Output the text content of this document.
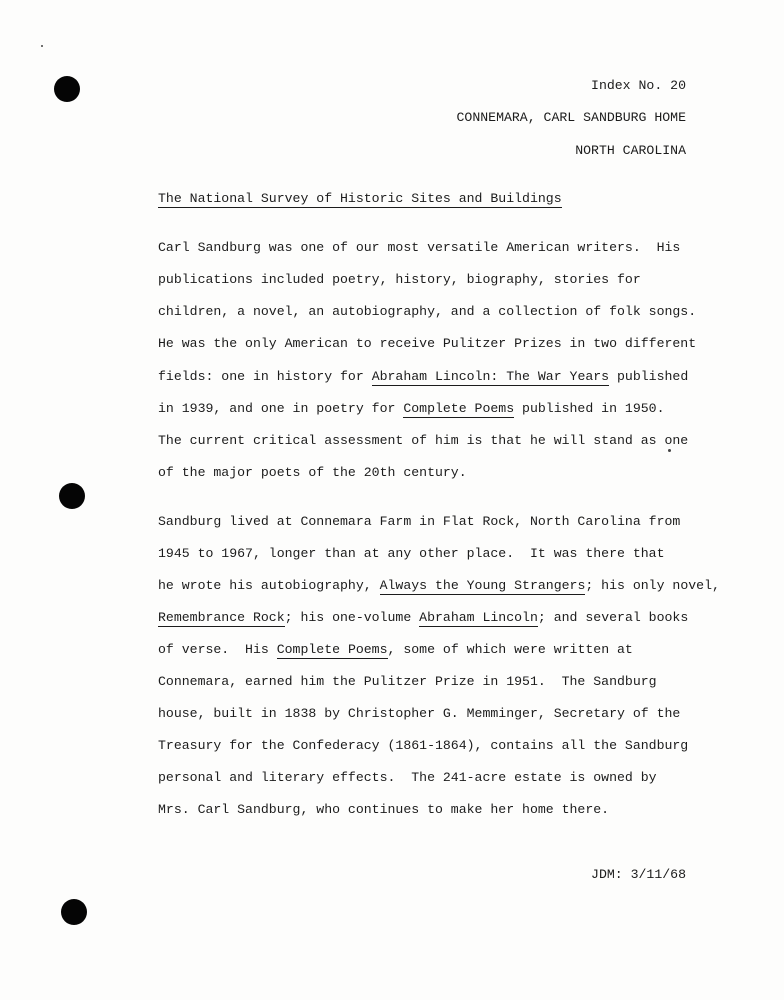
Index No. 20
CONNEMARA, CARL SANDBURG HOME
NORTH CAROLINA
The National Survey of Historic Sites and Buildings
Carl Sandburg was one of our most versatile American writers.  His
publications included poetry, history, biography, stories for
children, a novel, an autobiography, and a collection of folk songs.
He was the only American to receive Pulitzer Prizes in two different
fields: one in history for Abraham Lincoln: The War Years published
in 1939, and one in poetry for Complete Poems published in 1950.
The current critical assessment of him is that he will stand as one
of the major poets of the 20th century.
Sandburg lived at Connemara Farm in Flat Rock, North Carolina from
1945 to 1967, longer than at any other place.  It was there that
he wrote his autobiography, Always the Young Strangers; his only novel,
Remembrance Rock; his one-volume Abraham Lincoln; and several books
of verse.  His Complete Poems, some of which were written at
Connemara, earned him the Pulitzer Prize in 1951.  The Sandburg
house, built in 1838 by Christopher G. Memminger, Secretary of the
Treasury for the Confederacy (1861-1864), contains all the Sandburg
personal and literary effects.  The 241-acre estate is owned by
Mrs. Carl Sandburg, who continues to make her home there.
JDM: 3/11/68
